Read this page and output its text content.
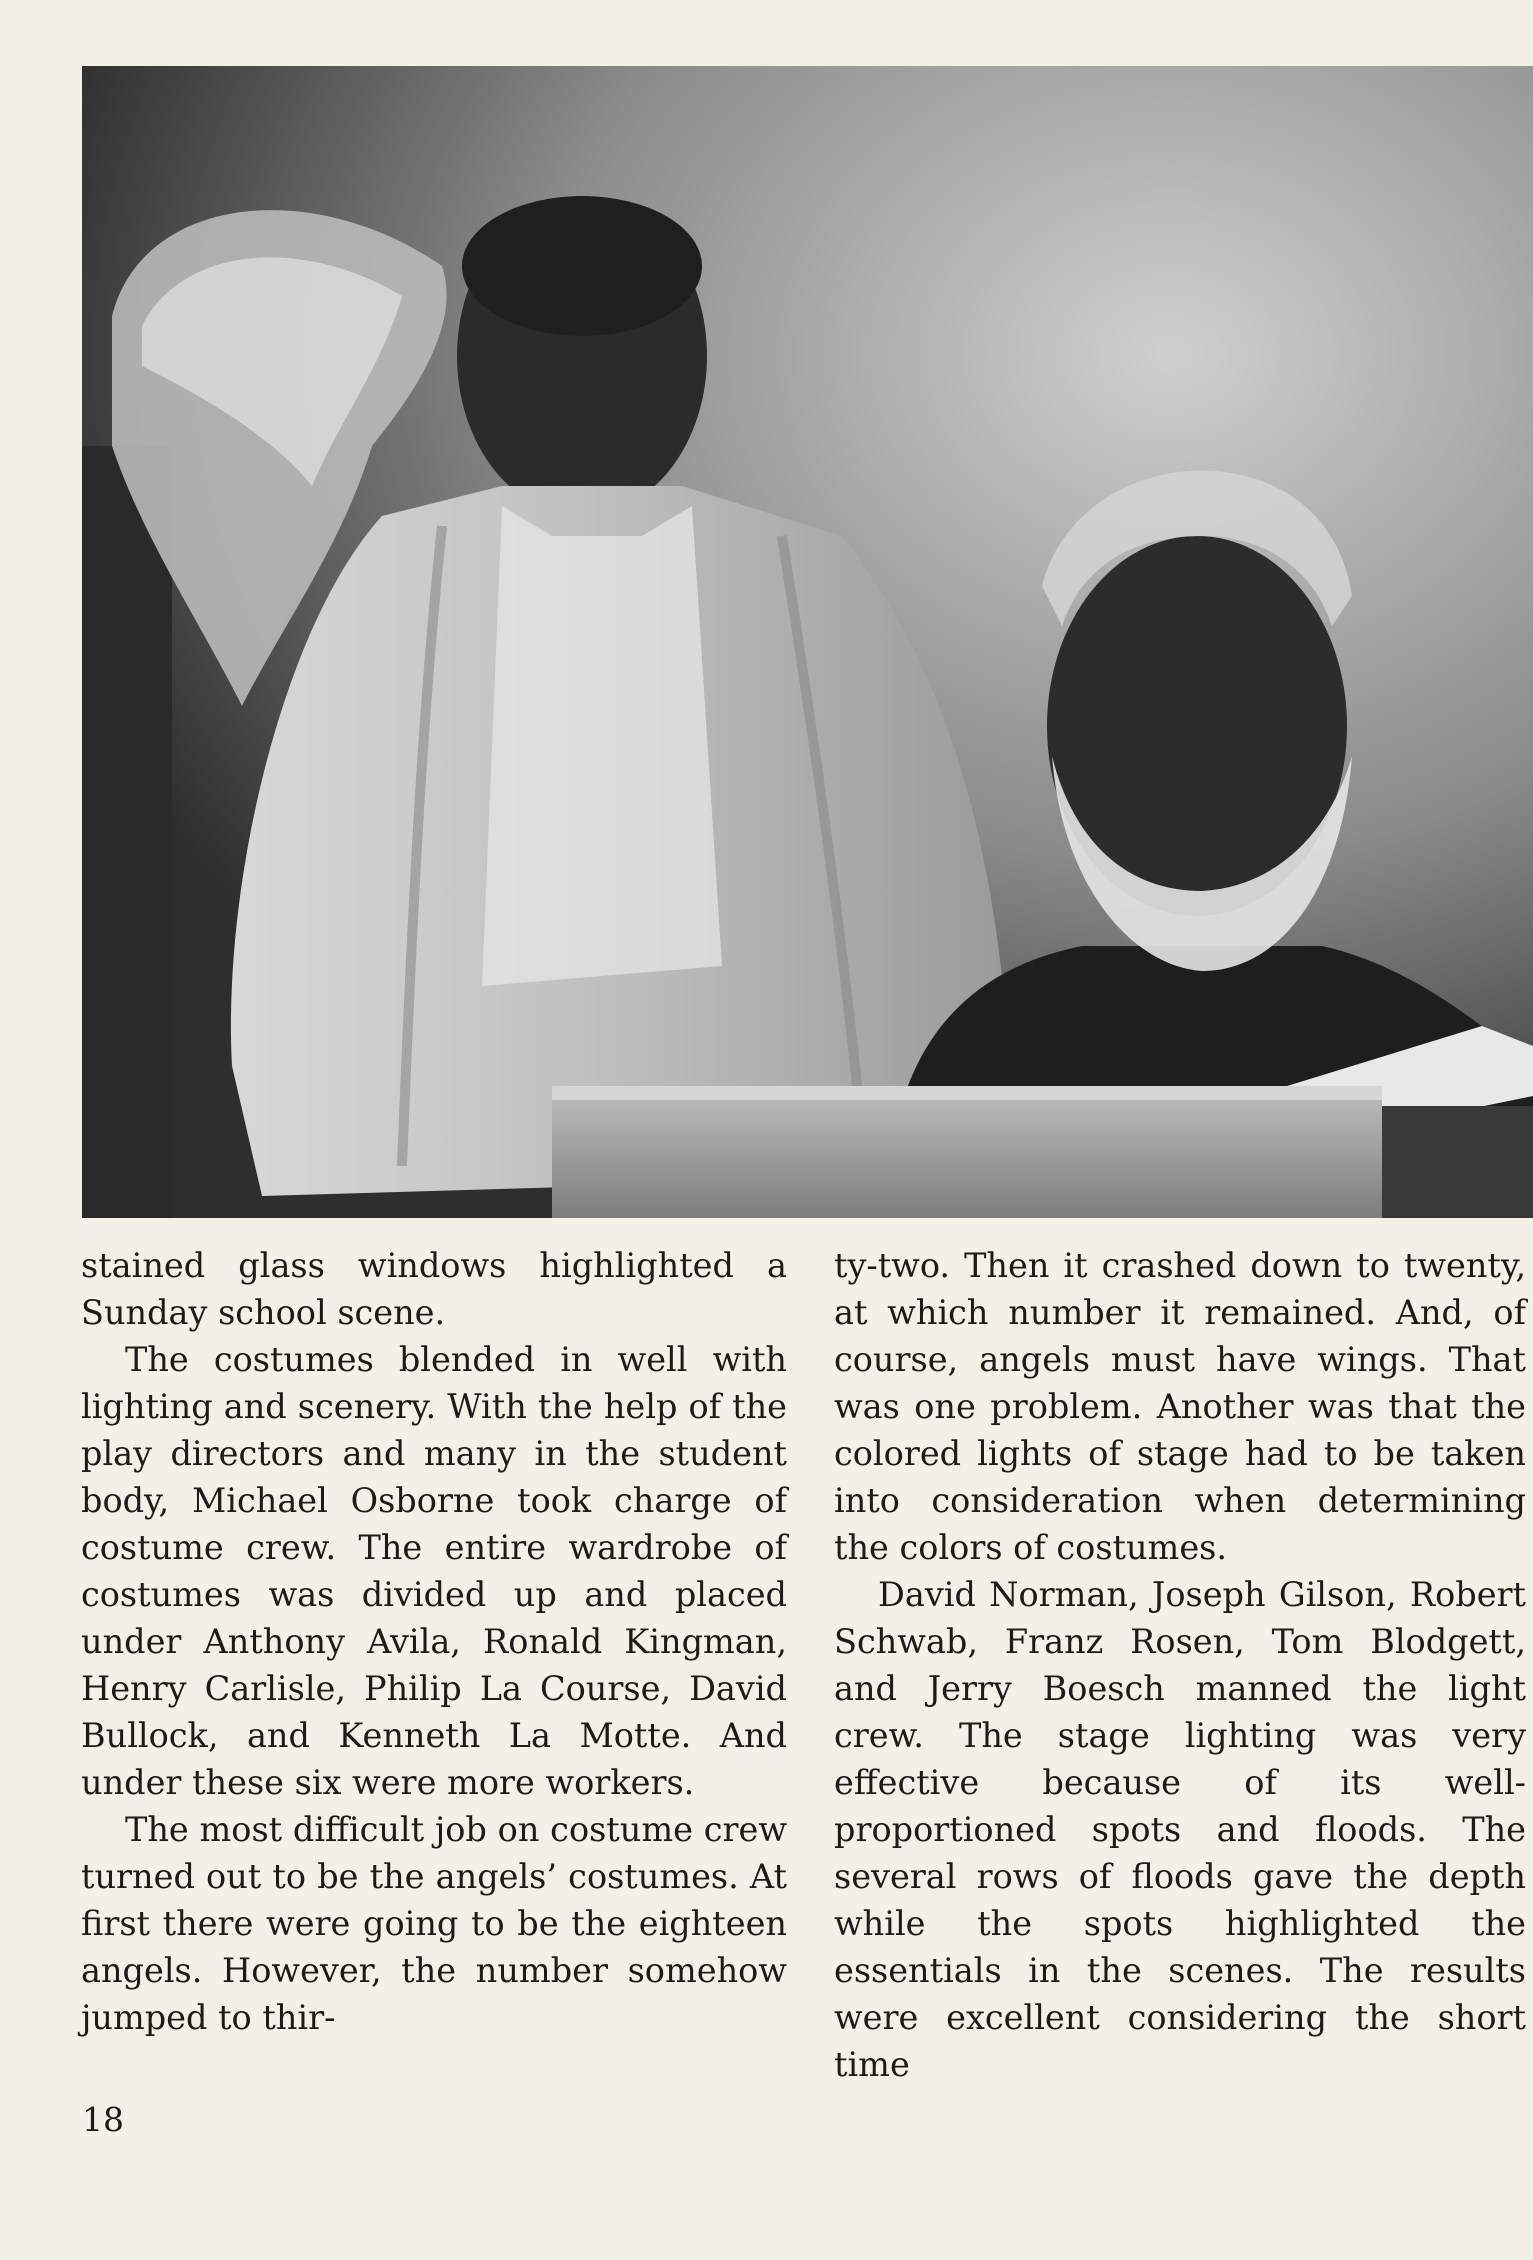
stained glass windows highlighted a Sunday school scene.

The costumes blended in well with lighting and scenery. With the help of the play directors and many in the student body, Michael Osborne took charge of costume crew. The entire wardrobe of costumes was divided up and placed under Anthony Avila, Ronald Kingman, Henry Carlisle, Philip La Course, David Bullock, and Kenneth La Motte. And under these six were more workers.

The most difficult job on costume crew turned out to be the angels’ costumes. At first there were going to be the eighteen angels. However, the number somehow jumped to thir-

ty-two. Then it crashed down to twenty, at which number it remained. And, of course, angels must have wings. That was one problem. Another was that the colored lights of stage had to be taken into consideration when determining the colors of costumes.

David Norman, Joseph Gilson, Robert Schwab, Franz Rosen, Tom Blodgett, and Jerry Boesch manned the light crew. The stage lighting was very effective because of its well-proportioned spots and floods. The several rows of floods gave the depth while the spots highlighted the essentials in the scenes. The results were excellent considering the short time

18
